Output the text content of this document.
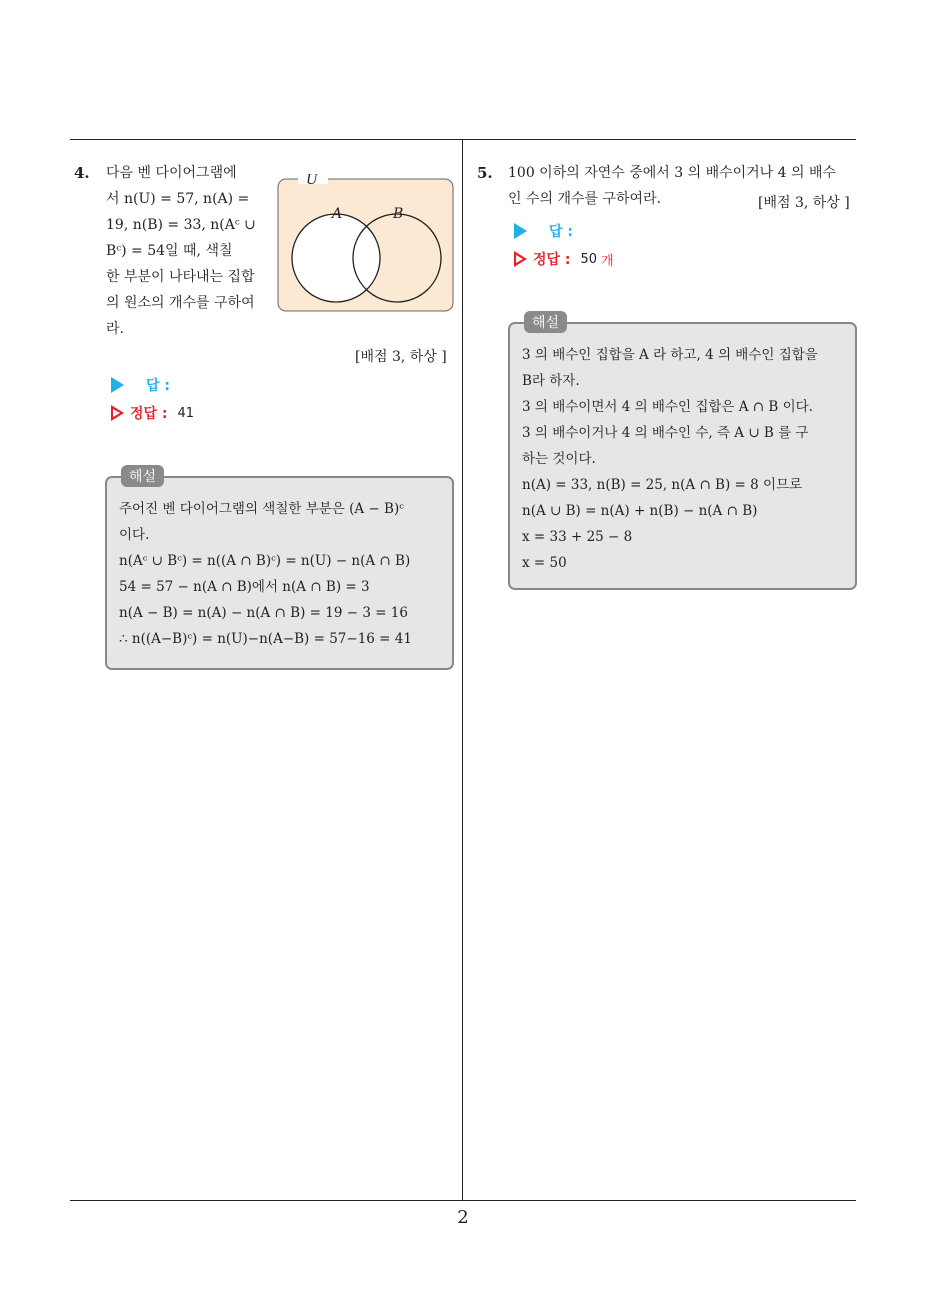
4. 다음 벤 다이어그램에
서 n(U) = 57, n(A) =
19, n(B) = 33, n(Aᶜ ∪
Bᶜ) = 54일 때, 색칠
한 부분이 나타내는 집합
의 원소의 개수를 구하여
라.
U
A	B
[배점 3, 하상 ]
답 :
정답 : 41
해설
주어진 벤 다이어그램의 색칠한 부분은 (A − B)ᶜ
이다.
n(Aᶜ ∪ Bᶜ) = n((A ∩ B)ᶜ) = n(U) − n(A ∩ B)
54 = 57 − n(A ∩ B)에서 n(A ∩ B) = 3
n(A − B) = n(A) − n(A ∩ B) = 19 − 3 = 16
∴ n((A−B)ᶜ) = n(U)−n(A−B) = 57−16 = 41
5. 100 이하의 자연수 중에서 3 의 배수이거나 4 의 배수
인 수의 개수를 구하여라.	[배점 3, 하상 ]
답 :
정답 : 50 개
해설
3 의 배수인 집합을 A 라 하고, 4 의 배수인 집합을
B라 하자.
3 의 배수이면서 4 의 배수인 집합은 A ∩ B 이다.
3 의 배수이거나 4 의 배수인 수, 즉 A ∪ B 를 구
하는 것이다.
n(A) = 33, n(B) = 25, n(A ∩ B) = 8 이므로
n(A ∪ B) = n(A) + n(B) − n(A ∩ B)
x = 33 + 25 − 8
x = 50
2
